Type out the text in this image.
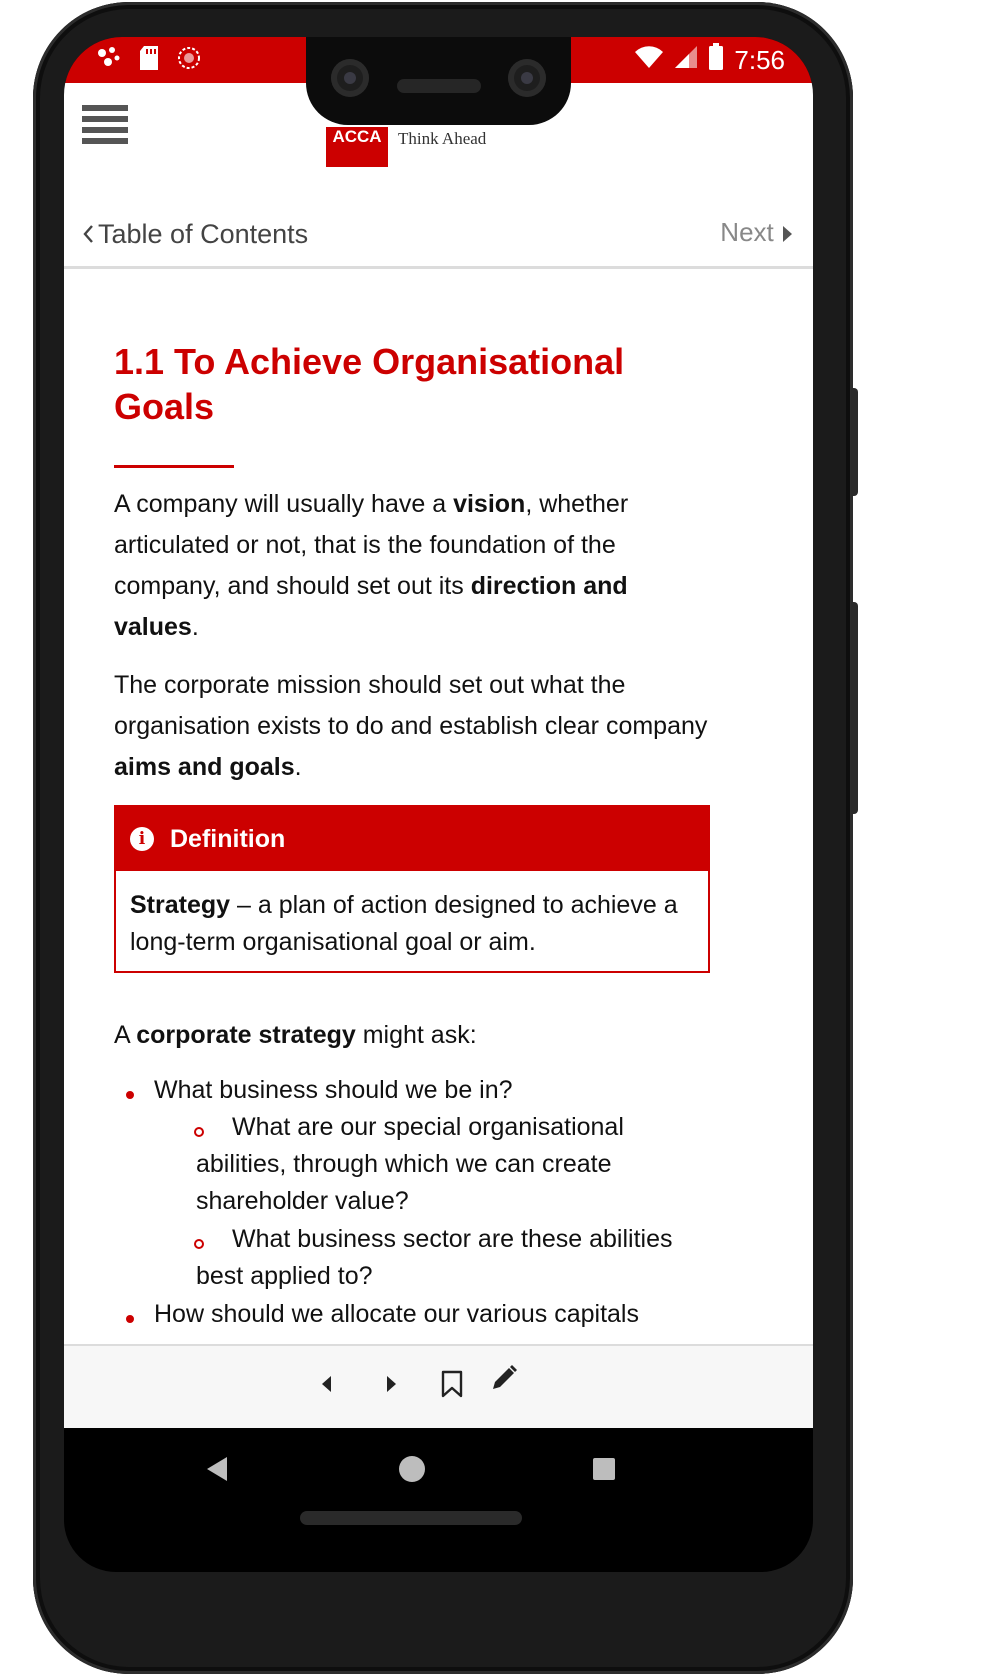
7:56
ACCA Think Ahead
Table of Contents	Next
1.1 To Achieve Organisational Goals

A company will usually have a vision, whether articulated or not, that is the foundation of the company, and should set out its direction and values.

The corporate mission should set out what the organisation exists to do and establish clear company aims and goals.

i Definition
Strategy – a plan of action designed to achieve a long-term organisational goal or aim.

A corporate strategy might ask:

What business should we be in?
What are our special organisational abilities, through which we can create shareholder value?
What business sector are these abilities best applied to?
How should we allocate our various capitals
